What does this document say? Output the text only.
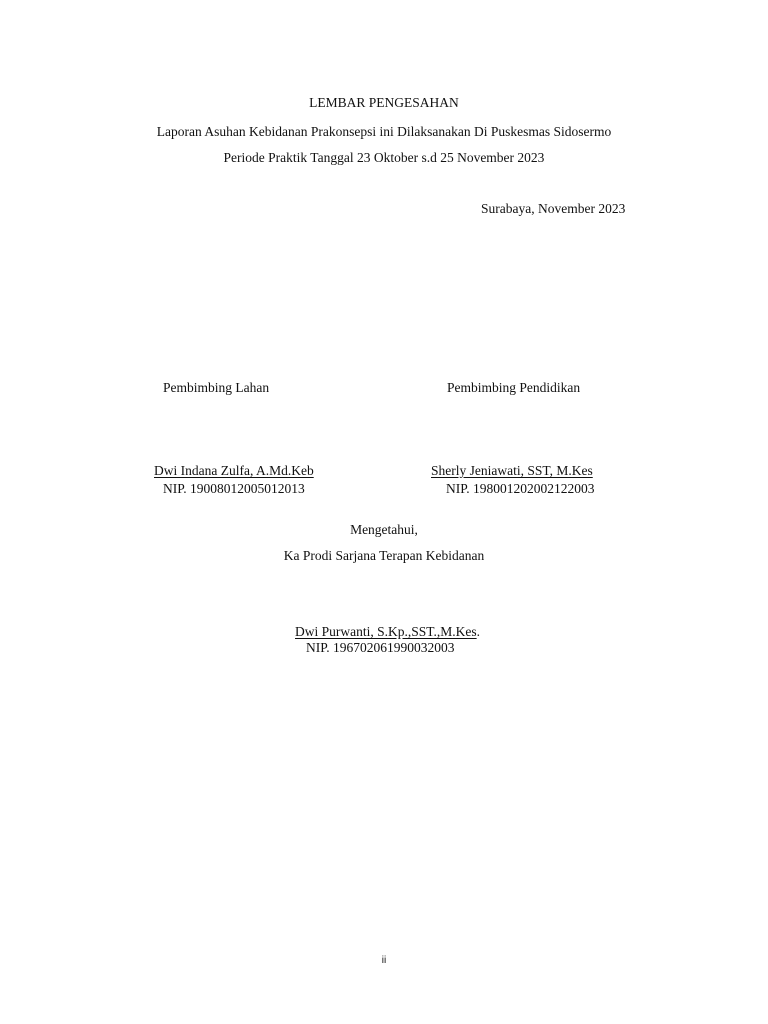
LEMBAR PENGESAHAN
Laporan Asuhan Kebidanan Prakonsepsi ini Dilaksanakan Di Puskesmas Sidosermo
Periode Praktik Tanggal 23 Oktober s.d 25 November 2023
Surabaya, November 2023
Pembimbing Lahan
Dwi Indana Zulfa, A.Md.Keb
NIP. 19008012005012013
Pembimbing Pendidikan
Sherly Jeniawati, SST, M.Kes
NIP. 198001202002122003
Mengetahui,
Ka Prodi Sarjana Terapan Kebidanan
Dwi Purwanti, S.Kp.,SST.,M.Kes.
NIP. 196702061990032003
ii
